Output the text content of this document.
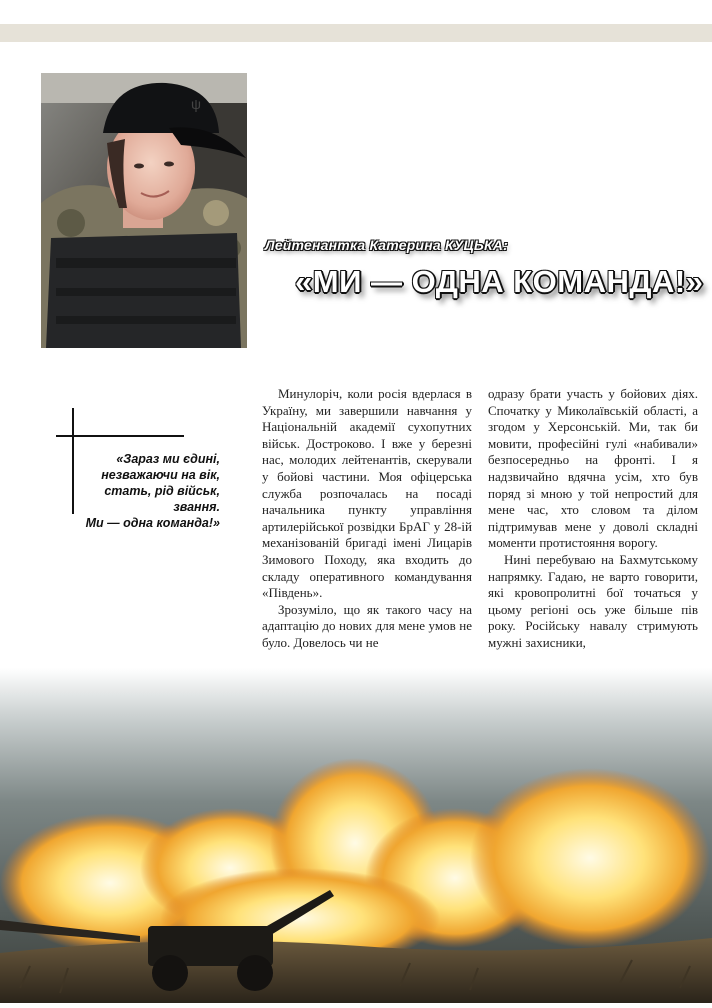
ψ
Лейтенантка Катерина КУЦЬКА:
«МИ — ОДНА КОМАНДА!»
«Зараз ми єдині,
незважаючи на вік,
стать, рід військ,
звання.
Ми — одна команда!»

Минулоріч, коли росія вдерлася в Україну, ми завершили навчання у Національній академії сухопутних військ. Достроково. І вже у березні нас, молодих лейтенантів, скерували у бойові частини. Моя офіцерська служба розпочалась на посаді начальника пункту управління артилерійської розвідки БрАГ у 28-ій механізованій бригаді імені Лицарів Зимового Походу, яка входить до складу оперативного командування «Південь».

Зрозуміло, що як такого часу на адаптацію до нових для мене умов не було. Довелось чи не

одразу брати участь у бойових діях. Спочатку у Миколаївській області, а згодом у Херсонській. Ми, так би мовити, професійні гулі «набивали» безпосередньо на фронті. І я надзвичайно вдячна усім, хто був поряд зі мною у той непростий для мене час, хто словом та ділом підтримував мене у доволі складні моменти протистояння ворогу.

Нині перебуваю на Бахмутському напрямку. Гадаю, не варто говорити, які кровопролитні бої точаться у цьому регіоні ось уже більше пів року. Російську навалу стримують мужні захисники,
